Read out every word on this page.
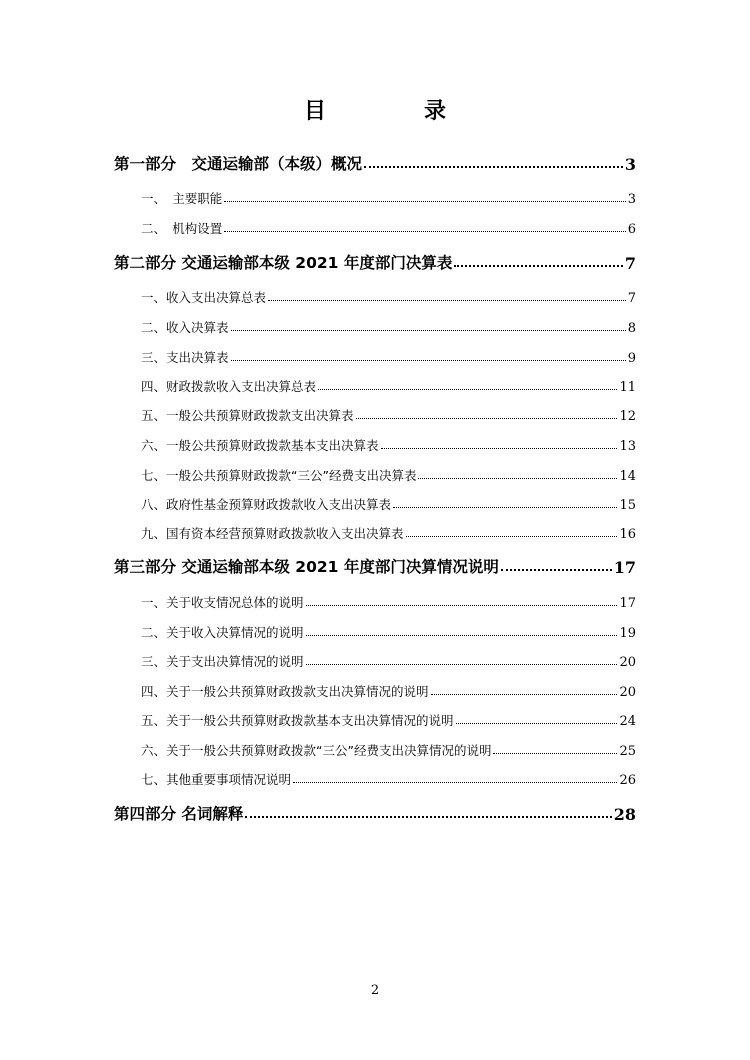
目　录
第一部分　交通运输部（本级）概况	3
一、　主要职能	3
二、　机构设置	6
第二部分 交通运输部本级 2021 年度部门决算表	7
一、收入支出决算总表	7
二、收入决算表	8
三、支出决算表	9
四、财政拨款收入支出决算总表	11
五、一般公共预算财政拨款支出决算表	12
六、一般公共预算财政拨款基本支出决算表	13
七、一般公共预算财政拨款“三公”经费支出决算表	14
八、政府性基金预算财政拨款收入支出决算表	15
九、国有资本经营预算财政拨款收入支出决算表	16
第三部分 交通运输部本级 2021 年度部门决算情况说明	17
一、关于收支情况总体的说明	17
二、关于收入决算情况的说明	19
三、关于支出决算情况的说明	20
四、关于一般公共预算财政拨款支出决算情况的说明	20
五、关于一般公共预算财政拨款基本支出决算情况的说明	24
六、关于一般公共预算财政拨款“三公”经费支出决算情况的说明	25
七、其他重要事项情况说明	26
第四部分 名词解释	28
2
